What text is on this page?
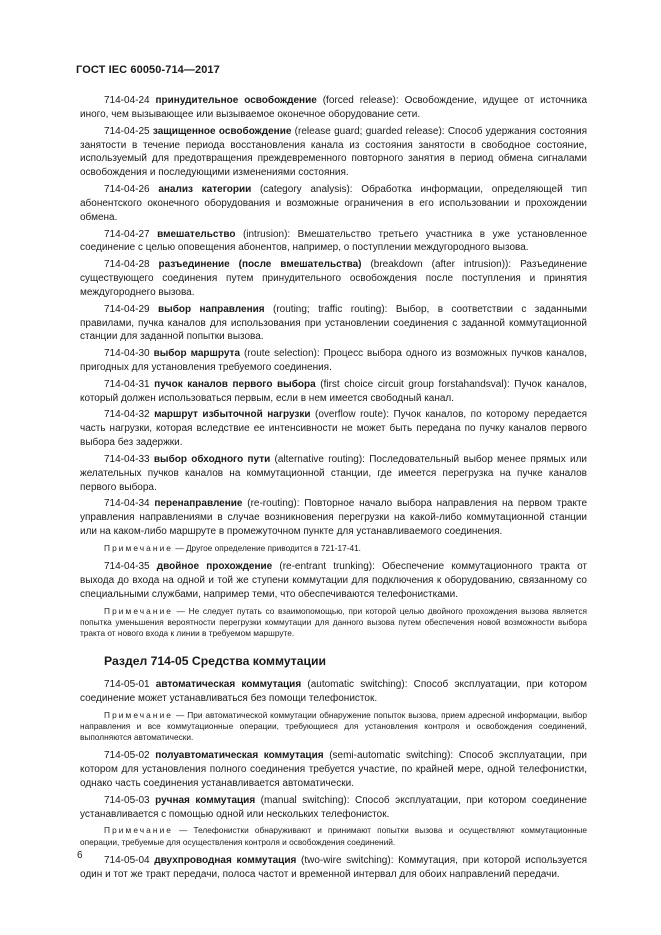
ГОСТ IEC 60050-714—2017

714-04-24 принудительное освобождение (forced release): Освобождение, идущее от источника иного, чем вызывающее или вызываемое оконечное оборудование сети.

714-04-25 защищенное освобождение (release guard; guarded release): Способ удержания состояния занятости в течение периода восстановления канала из состояния занятости в свободное состояние, используемый для предотвращения преждевременного повторного занятия в период обмена сигналами освобождения и последующими изменениями состояния.

714-04-26 анализ категории (category analysis): Обработка информации, определяющей тип абонентского оконечного оборудования и возможные ограничения в его использовании и прохождении обмена.

714-04-27 вмешательство (intrusion): Вмешательство третьего участника в уже установленное соединение с целью оповещения абонентов, например, о поступлении междугородного вызова.

714-04-28 разъединение (после вмешательства) (breakdown (after intrusion)): Разъединение существующего соединения путем принудительного освобождения после поступления и принятия междугороднего вызова.

714-04-29 выбор направления (routing; traffic routing): Выбор, в соответствии с заданными правилами, пучка каналов для использования при установлении соединения с заданной коммутационной станции для заданной попытки вызова.

714-04-30 выбор маршрута (route selection): Процесс выбора одного из возможных пучков каналов, пригодных для установления требуемого соединения.

714-04-31 пучок каналов первого выбора (first choice circuit group forstahandsval): Пучок каналов, который должен использоваться первым, если в нем имеется свободный канал.

714-04-32 маршрут избыточной нагрузки (overflow route): Пучок каналов, по которому передается часть нагрузки, которая вследствие ее интенсивности не может быть передана по пучку каналов первого выбора без задержки.

714-04-33 выбор обходного пути (alternative routing): Последовательный выбор менее прямых или желательных пучков каналов на коммутационной станции, где имеется перегрузка на пучке каналов первого выбора.

714-04-34 перенаправление (re-routing): Повторное начало выбора направления на первом тракте управления направлениями в случае возникновения перегрузки на какой-либо коммутационной станции или на каком-либо маршруте в промежуточном пункте для устанавливаемого соединения.

Примечание — Другое определение приводится в 721-17-41.

714-04-35 двойное прохождение (re-entrant trunking): Обеспечение коммутационного тракта от выхода до входа на одной и той же ступени коммутации для подключения к оборудованию, связанному со специальными службами, например теми, что обеспечиваются телефонистками.

Примечание — Не следует путать со взаимопомощью, при которой целью двойного прохождения вызова является попытка уменьшения вероятности перегрузки коммутации для данного вызова путем обеспечения новой возможности выбора тракта от нового входа к линии в требуемом маршруте.

Раздел 714-05 Средства коммутации

714-05-01 автоматическая коммутация (automatic switching): Способ эксплуатации, при котором соединение может устанавливаться без помощи телефонисток.

Примечание — При автоматической коммутации обнаружение попыток вызова, прием адресной информации, выбор направления и все коммутационные операции, требующиеся для установления контроля и освобождения соединений, выполняются автоматически.

714-05-02 полуавтоматическая коммутация (semi-automatic switching): Способ эксплуатации, при котором для установления полного соединения требуется участие, по крайней мере, одной телефонистки, однако часть соединения устанавливается автоматически.

714-05-03 ручная коммутация (manual switching): Способ эксплуатации, при котором соединение устанавливается с помощью одной или нескольких телефонисток.

Примечание — Телефонистки обнаруживают и принимают попытки вызова и осуществляют коммутационные операции, требуемые для осуществления контроля и освобождения соединений.

714-05-04 двухпроводная коммутация (two-wire switching): Коммутация, при которой используется один и тот же тракт передачи, полоса частот и временной интервал для обоих направлений передачи.

6
